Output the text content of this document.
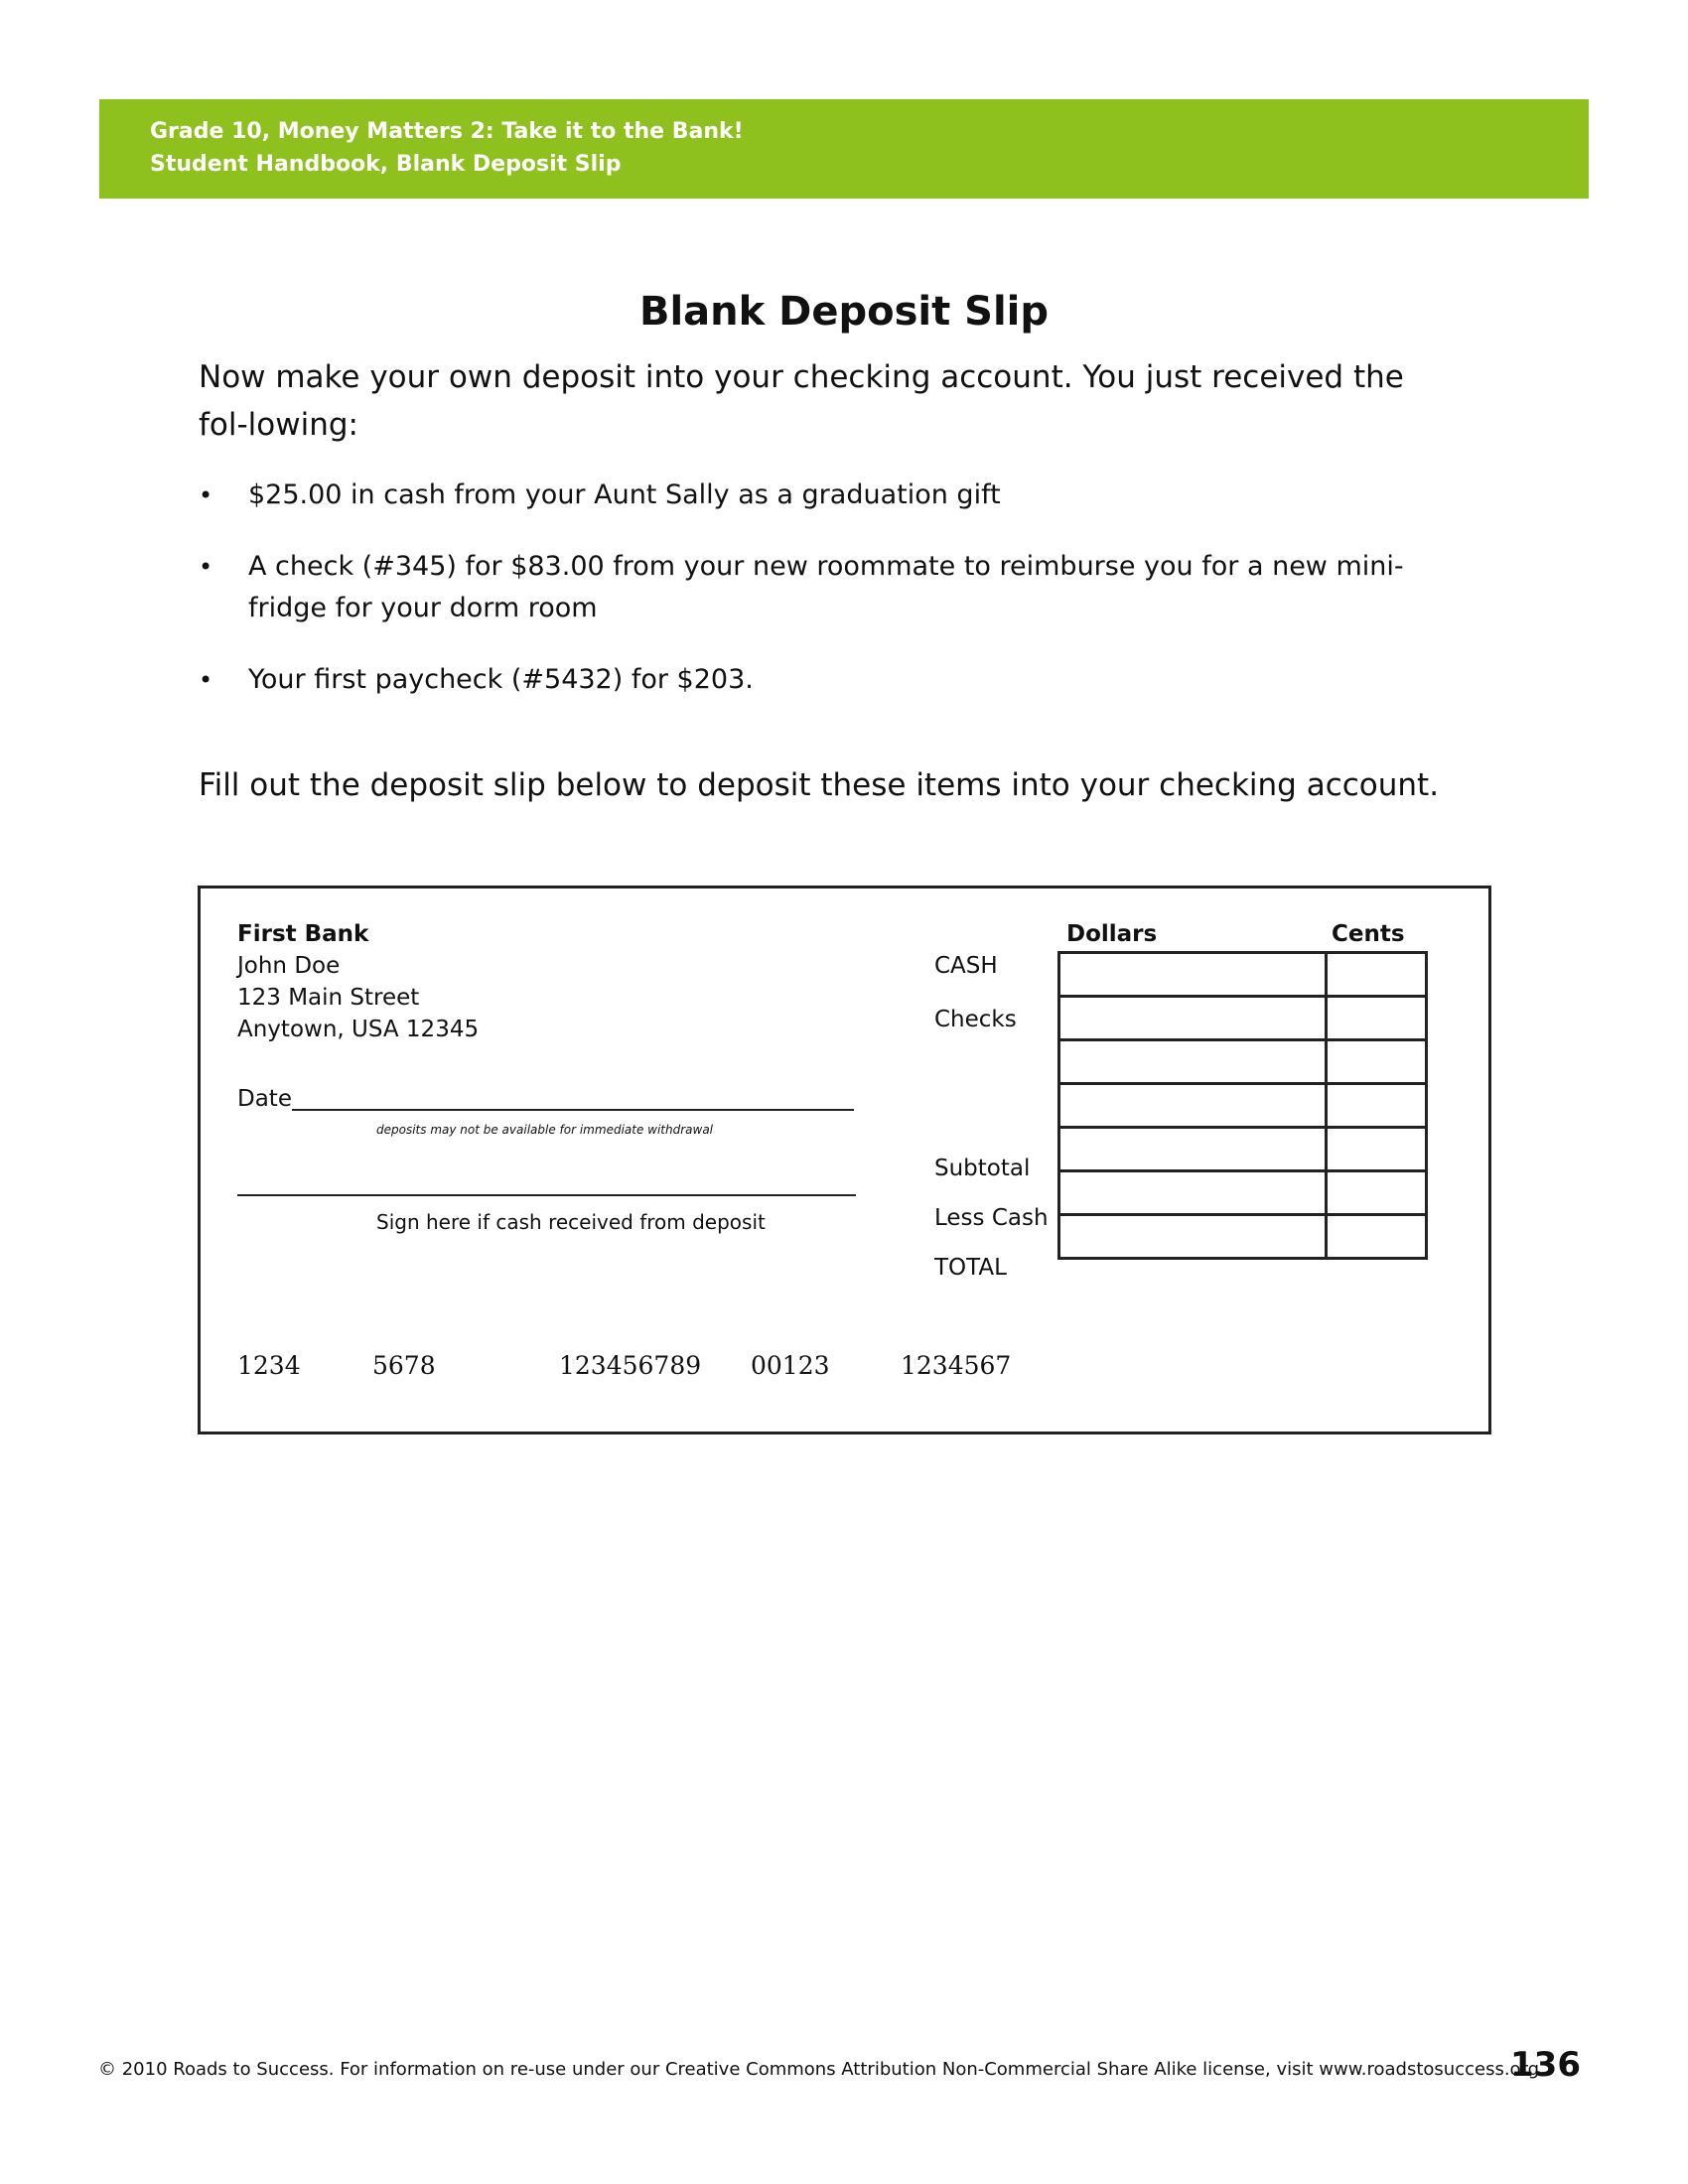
Grade 10, Money Matters 2: Take it to the Bank!
Student Handbook, Blank Deposit Slip
Blank Deposit Slip
Now make your own deposit into your checking account. You just received the fol-lowing:
• $25.00 in cash from your Aunt Sally as a graduation gift
• A check (#345) for $83.00 from your new roommate to reimburse you for a new mini-fridge for your dorm room
• Your first paycheck (#5432) for $203.
Fill out the deposit slip below to deposit these items into your checking account.
First Bank
John Doe
123 Main Street
Anytown, USA 12345
Date
deposits may not be available for immediate withdrawal
Sign here if cash received from deposit
Dollars	Cents
CASH
Checks
Subtotal
Less Cash
TOTAL

1234	5678	123456789 00123	1234567
© 2010 Roads to Success. For information on re-use under our Creative Commons Attribution Non-Commercial Share Alike license, visit www.roadstosuccess.org.
136
